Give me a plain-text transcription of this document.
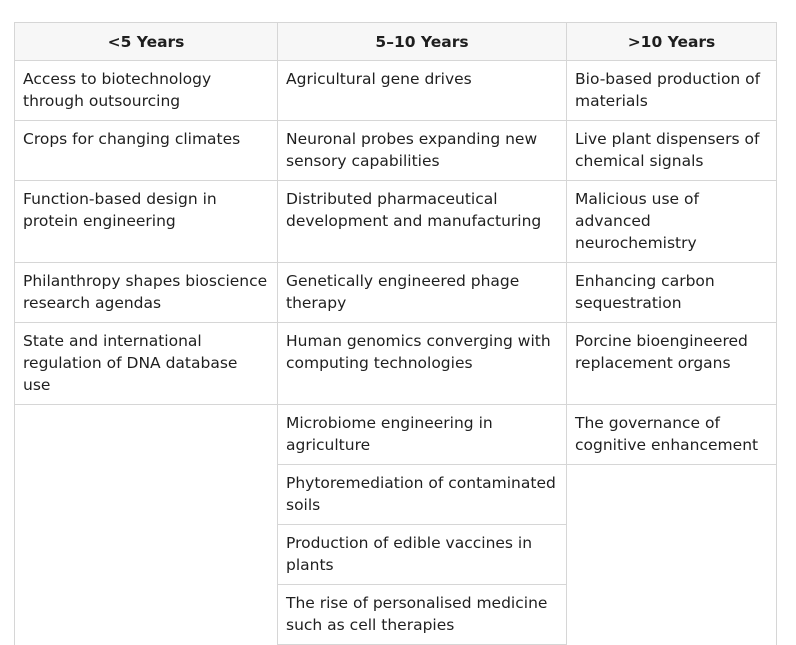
<5 Years	5–10 Years	>10 Years
Access to biotechnology through outsourcing	Agricultural gene drives	Bio-based production of materials
Crops for changing climates	Neuronal probes expanding new sensory capabilities	Live plant dispensers of chemical signals
Function-based design in protein engineering	Distributed pharmaceutical development and manufacturing	Malicious use of advanced neurochemistry
Philanthropy shapes bioscience research agendas	Genetically engineered phage therapy	Enhancing carbon sequestration
State and international regulation of DNA database use	Human genomics converging with computing technologies	Porcine bioengineered replacement organs
	Microbiome engineering in agriculture	The governance of cognitive enhancement
	Phytoremediation of contaminated soils	
	Production of edible vaccines in plants	
	The rise of personalised medicine such as cell therapies	
